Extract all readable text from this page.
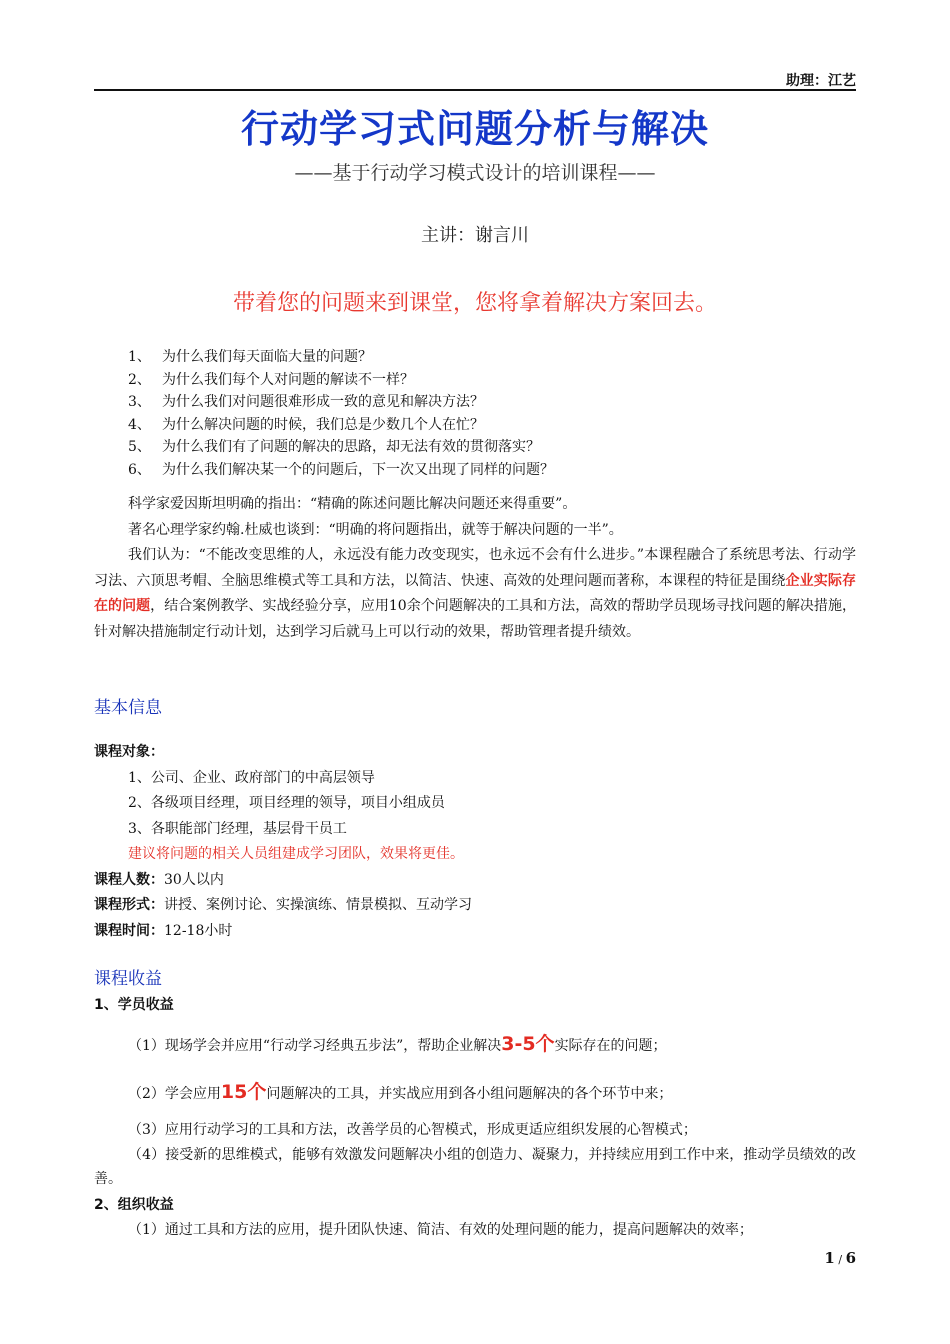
助理：江艺
行动学习式问题分析与解决
——基于行动学习模式设计的培训课程——
主讲：谢言川
带着您的问题来到课堂，您将拿着解决方案回去。
1、 为什么我们每天面临大量的问题？
2、 为什么我们每个人对问题的解读不一样？
3、 为什么我们对问题很难形成一致的意见和解决方法？
4、 为什么解决问题的时候，我们总是少数几个人在忙？
5、 为什么我们有了问题的解决的思路，却无法有效的贯彻落实？
6、 为什么我们解决某一个的问题后，下一次又出现了同样的问题？
科学家爱因斯坦明确的指出：“精确的陈述问题比解决问题还来得重要”。
著名心理学家约翰.杜威也谈到：“明确的将问题指出，就等于解决问题的一半”。
我们认为：“不能改变思维的人，永远没有能力改变现实，也永远不会有什么进步。”本课程融合了系统思考法、行动学习法、六顶思考帽、全脑思维模式等工具和方法，以简洁、快速、高效的处理问题而著称，本课程的特征是围绕企业实际存在的问题，结合案例教学、实战经验分享，应用10余个问题解决的工具和方法，高效的帮助学员现场寻找问题的解决措施，针对解决措施制定行动计划，达到学习后就马上可以行动的效果，帮助管理者提升绩效。
基本信息
课程对象：
1、公司、企业、政府部门的中高层领导
2、各级项目经理，项目经理的领导，项目小组成员
3、各职能部门经理，基层骨干员工
建议将问题的相关人员组建成学习团队，效果将更佳。
课程人数：30人以内
课程形式：讲授、案例讨论、实操演练、情景模拟、互动学习
课程时间：12-18小时
课程收益
1、学员收益
（1）现场学会并应用“行动学习经典五步法”，帮助企业解决3-5个实际存在的问题；
（2）学会应用15个问题解决的工具，并实战应用到各小组问题解决的各个环节中来；
（3）应用行动学习的工具和方法，改善学员的心智模式，形成更适应组织发展的心智模式；
（4）接受新的思维模式，能够有效激发问题解决小组的创造力、凝聚力，并持续应用到工作中来，推动学员绩效的改善。
2、组织收益
（1）通过工具和方法的应用，提升团队快速、简洁、有效的处理问题的能力，提高问题解决的效率；
1 / 6
